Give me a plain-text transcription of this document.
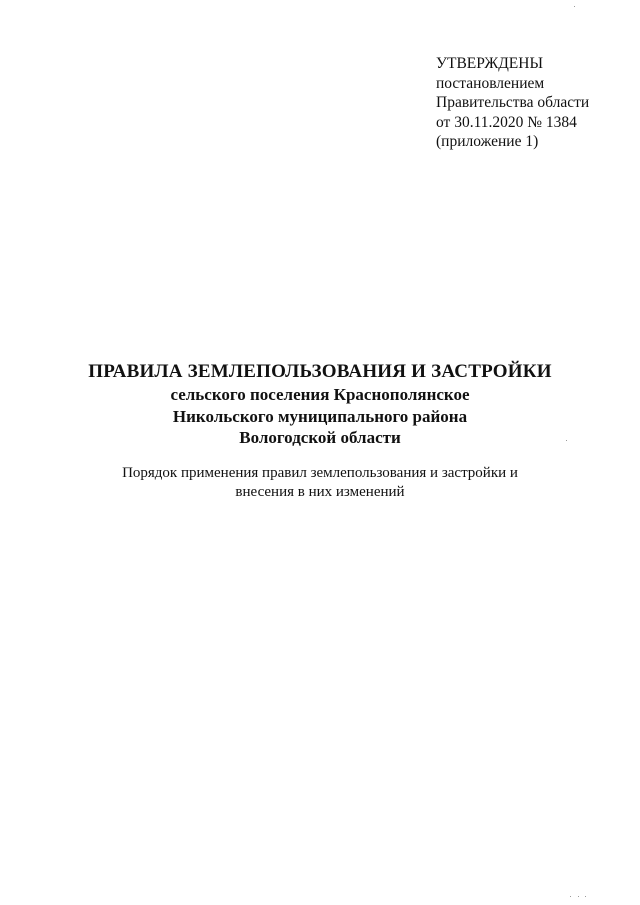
УТВЕРЖДЕНЫ
постановлением
Правительства области
от 30.11.2020 № 1384
(приложение 1)
ПРАВИЛА ЗЕМЛЕПОЛЬЗОВАНИЯ И ЗАСТРОЙКИ
сельского поселения Краснополянское
Никольского муниципального района
Вологодской области
Порядок применения правил землепользования и застройки и
внесения в них изменений
